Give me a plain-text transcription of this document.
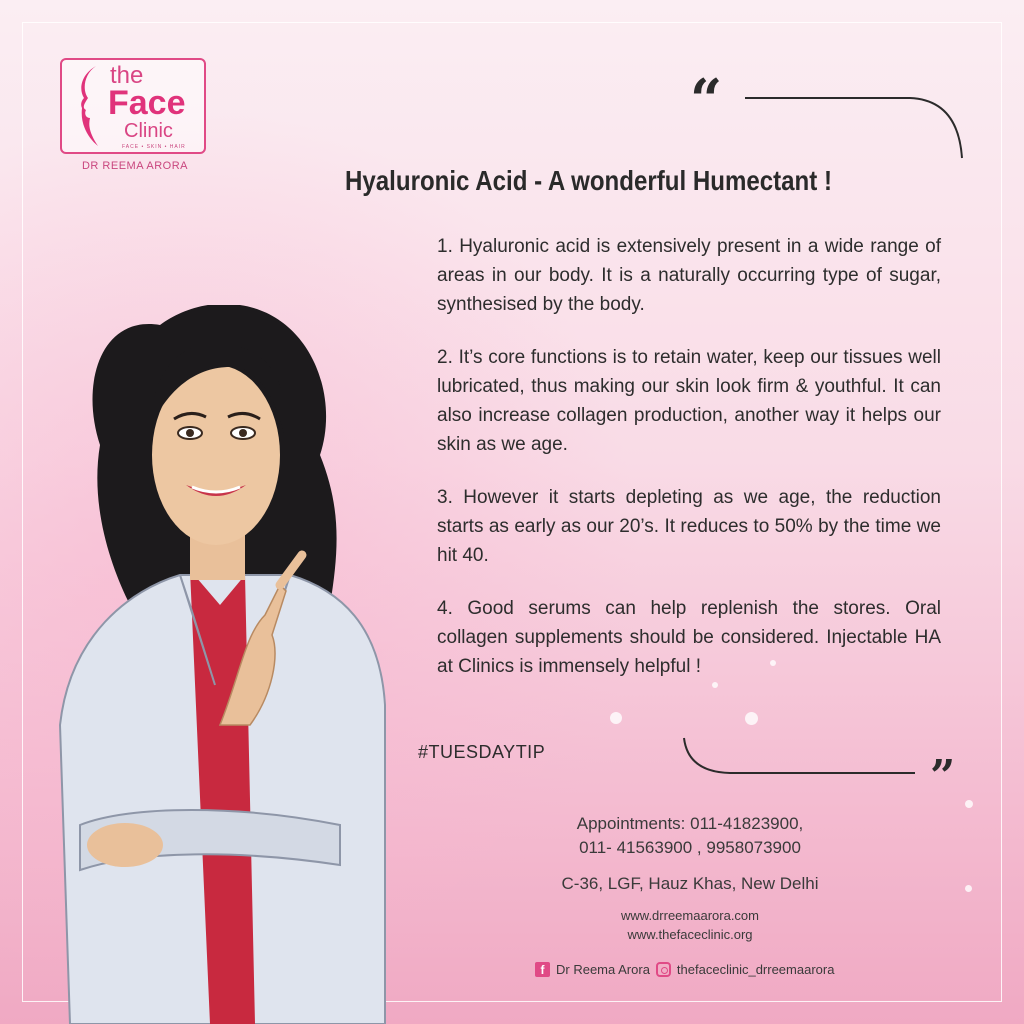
the
Face
Clinic
FACE • SKIN • HAIR
DR REEMA ARORA
“
”
Hyaluronic Acid - A wonderful Humectant !

1. Hyaluronic acid is extensively present in a wide range of areas in our body. It is a naturally occurring type of sugar, synthesised by the body.

2. It’s core functions is to retain water, keep our tissues well lubricated, thus making our skin look firm & youthful. It can also increase collagen production, another way it helps our skin as we age.

3. However it starts depleting as we age, the reduction starts as early as our 20’s. It reduces to 50% by the time we hit 40.

4. Good serums can help replenish the stores. Oral collagen supplements should be considered. Injectable HA at Clinics is immensely helpful !

#TUESDAYTIP
Appointments: 011-41823900,
011- 41563900 , 9958073900
C-36, LGF, Hauz Khas, New Delhi
www.drreemaarora.com
www.thefaceclinic.org
f Dr Reema Arora thefaceclinic_drreemaarora
